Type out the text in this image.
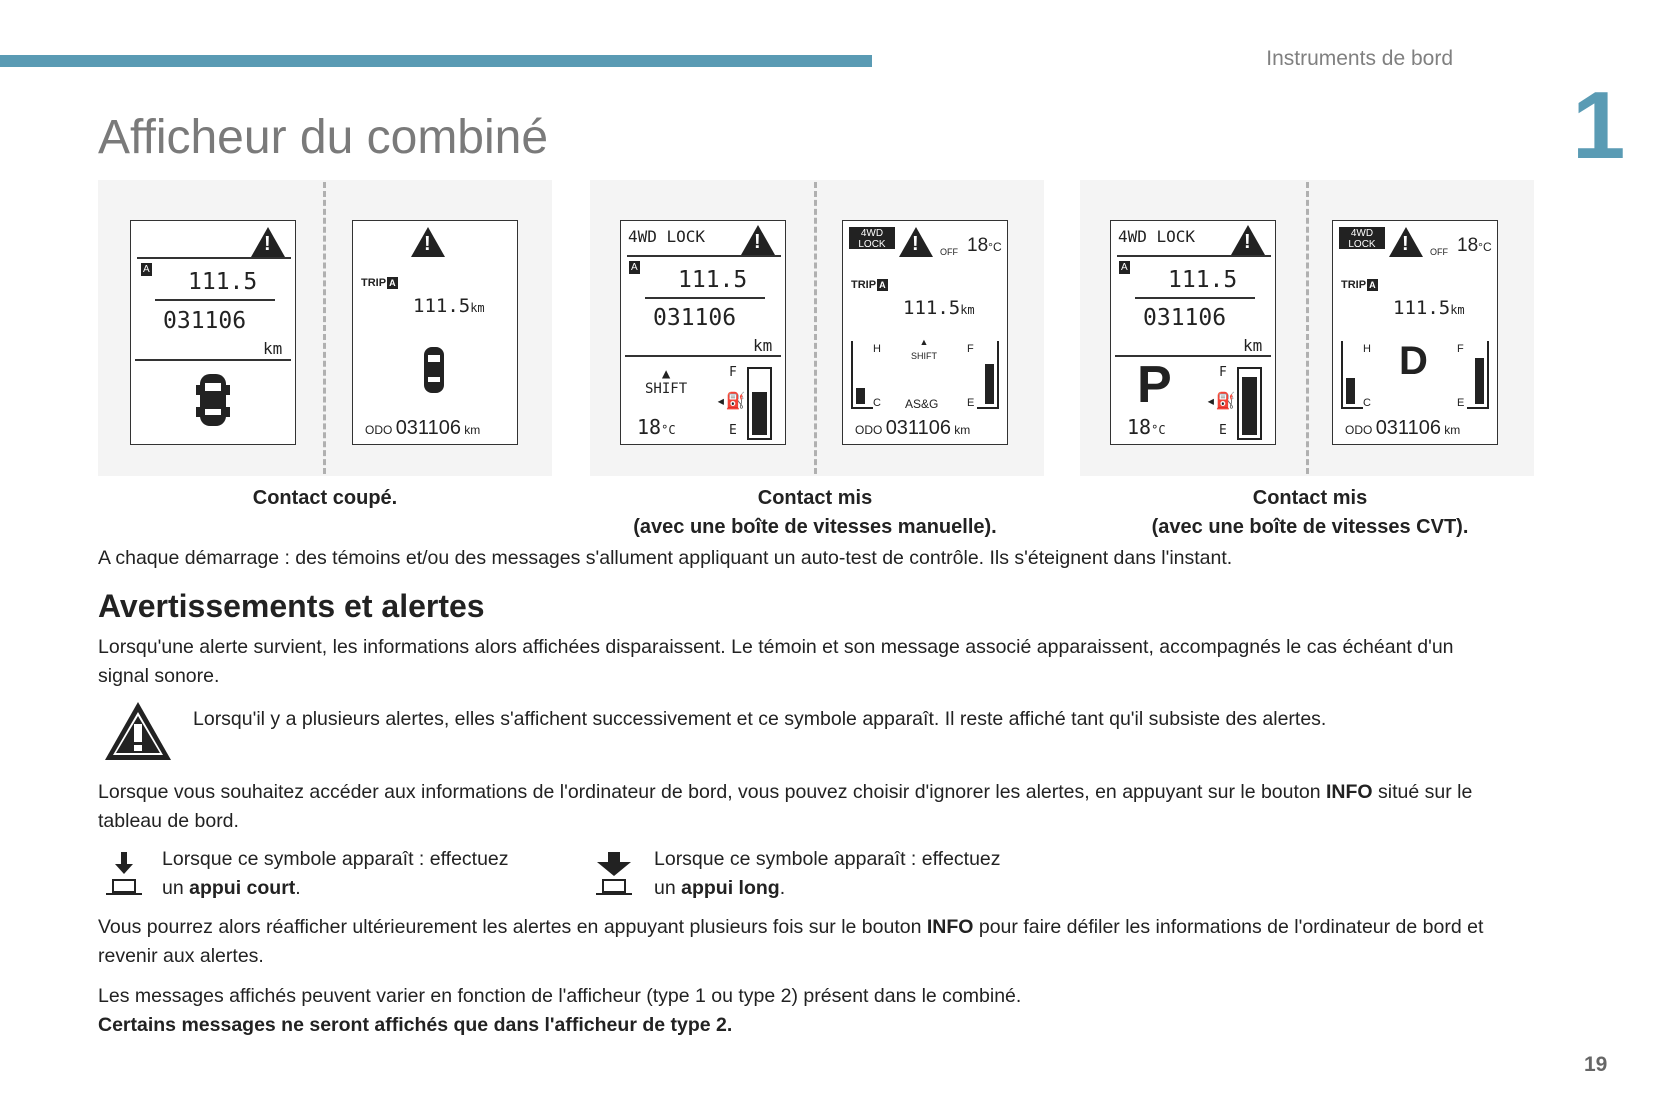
Instruments de bord
1
Afficheur du combiné
!
A 111.5
031106
km
!
TRIP A
111.5km
ODO 031106 km
4WD LOCK
!
A 111.5
031106
km
▲
SHIFT
18°C
F
E
◂⛽
4WD
LOCK
!
OFF 18°C
TRIP A
111.5km
H
C
▲
SHIFT
AS&G
F
E
ODO 031106 km
4WD LOCK
!
A 111.5
031106
km
P
18°C
F
E
◂⛽
4WD
LOCK
!
OFF 18°C
TRIP A
111.5km
H
C
D	F
E
ODO 031106 km
Contact coupé.	Contact mis
(avec une boîte de vitesses manuelle).
Contact mis
(avec une boîte de vitesses CVT).

A chaque démarrage : des témoins et/ou des messages s'allument appliquant un auto-test de contrôle. Ils s'éteignent dans l'instant.

Avertissements et alertes

Lorsqu'une alerte survient, les informations alors affichées disparaissent. Le témoin et son message associé apparaissent, accompagnés le cas échéant d'un signal sonore.

Lorsqu'il y a plusieurs alertes, elles s'affichent successivement et ce symbole apparaît. Il reste affiché tant qu'il subsiste des alertes.

Lorsque vous souhaitez accéder aux informations de l'ordinateur de bord, vous pouvez choisir d'ignorer les alertes, en appuyant sur le bouton INFO situé sur le tableau de bord.

Lorsque ce symbole apparaît : effectuez
un appui court.

Lorsque ce symbole apparaît : effectuez
un appui long.

Vous pourrez alors réafficher ultérieurement les alertes en appuyant plusieurs fois sur le bouton INFO pour faire défiler les informations de l'ordinateur de bord et revenir aux alertes.

Les messages affichés peuvent varier en fonction de l'afficheur (type 1 ou type 2) présent dans le combiné.
Certains messages ne seront affichés que dans l'afficheur de type 2.

19
